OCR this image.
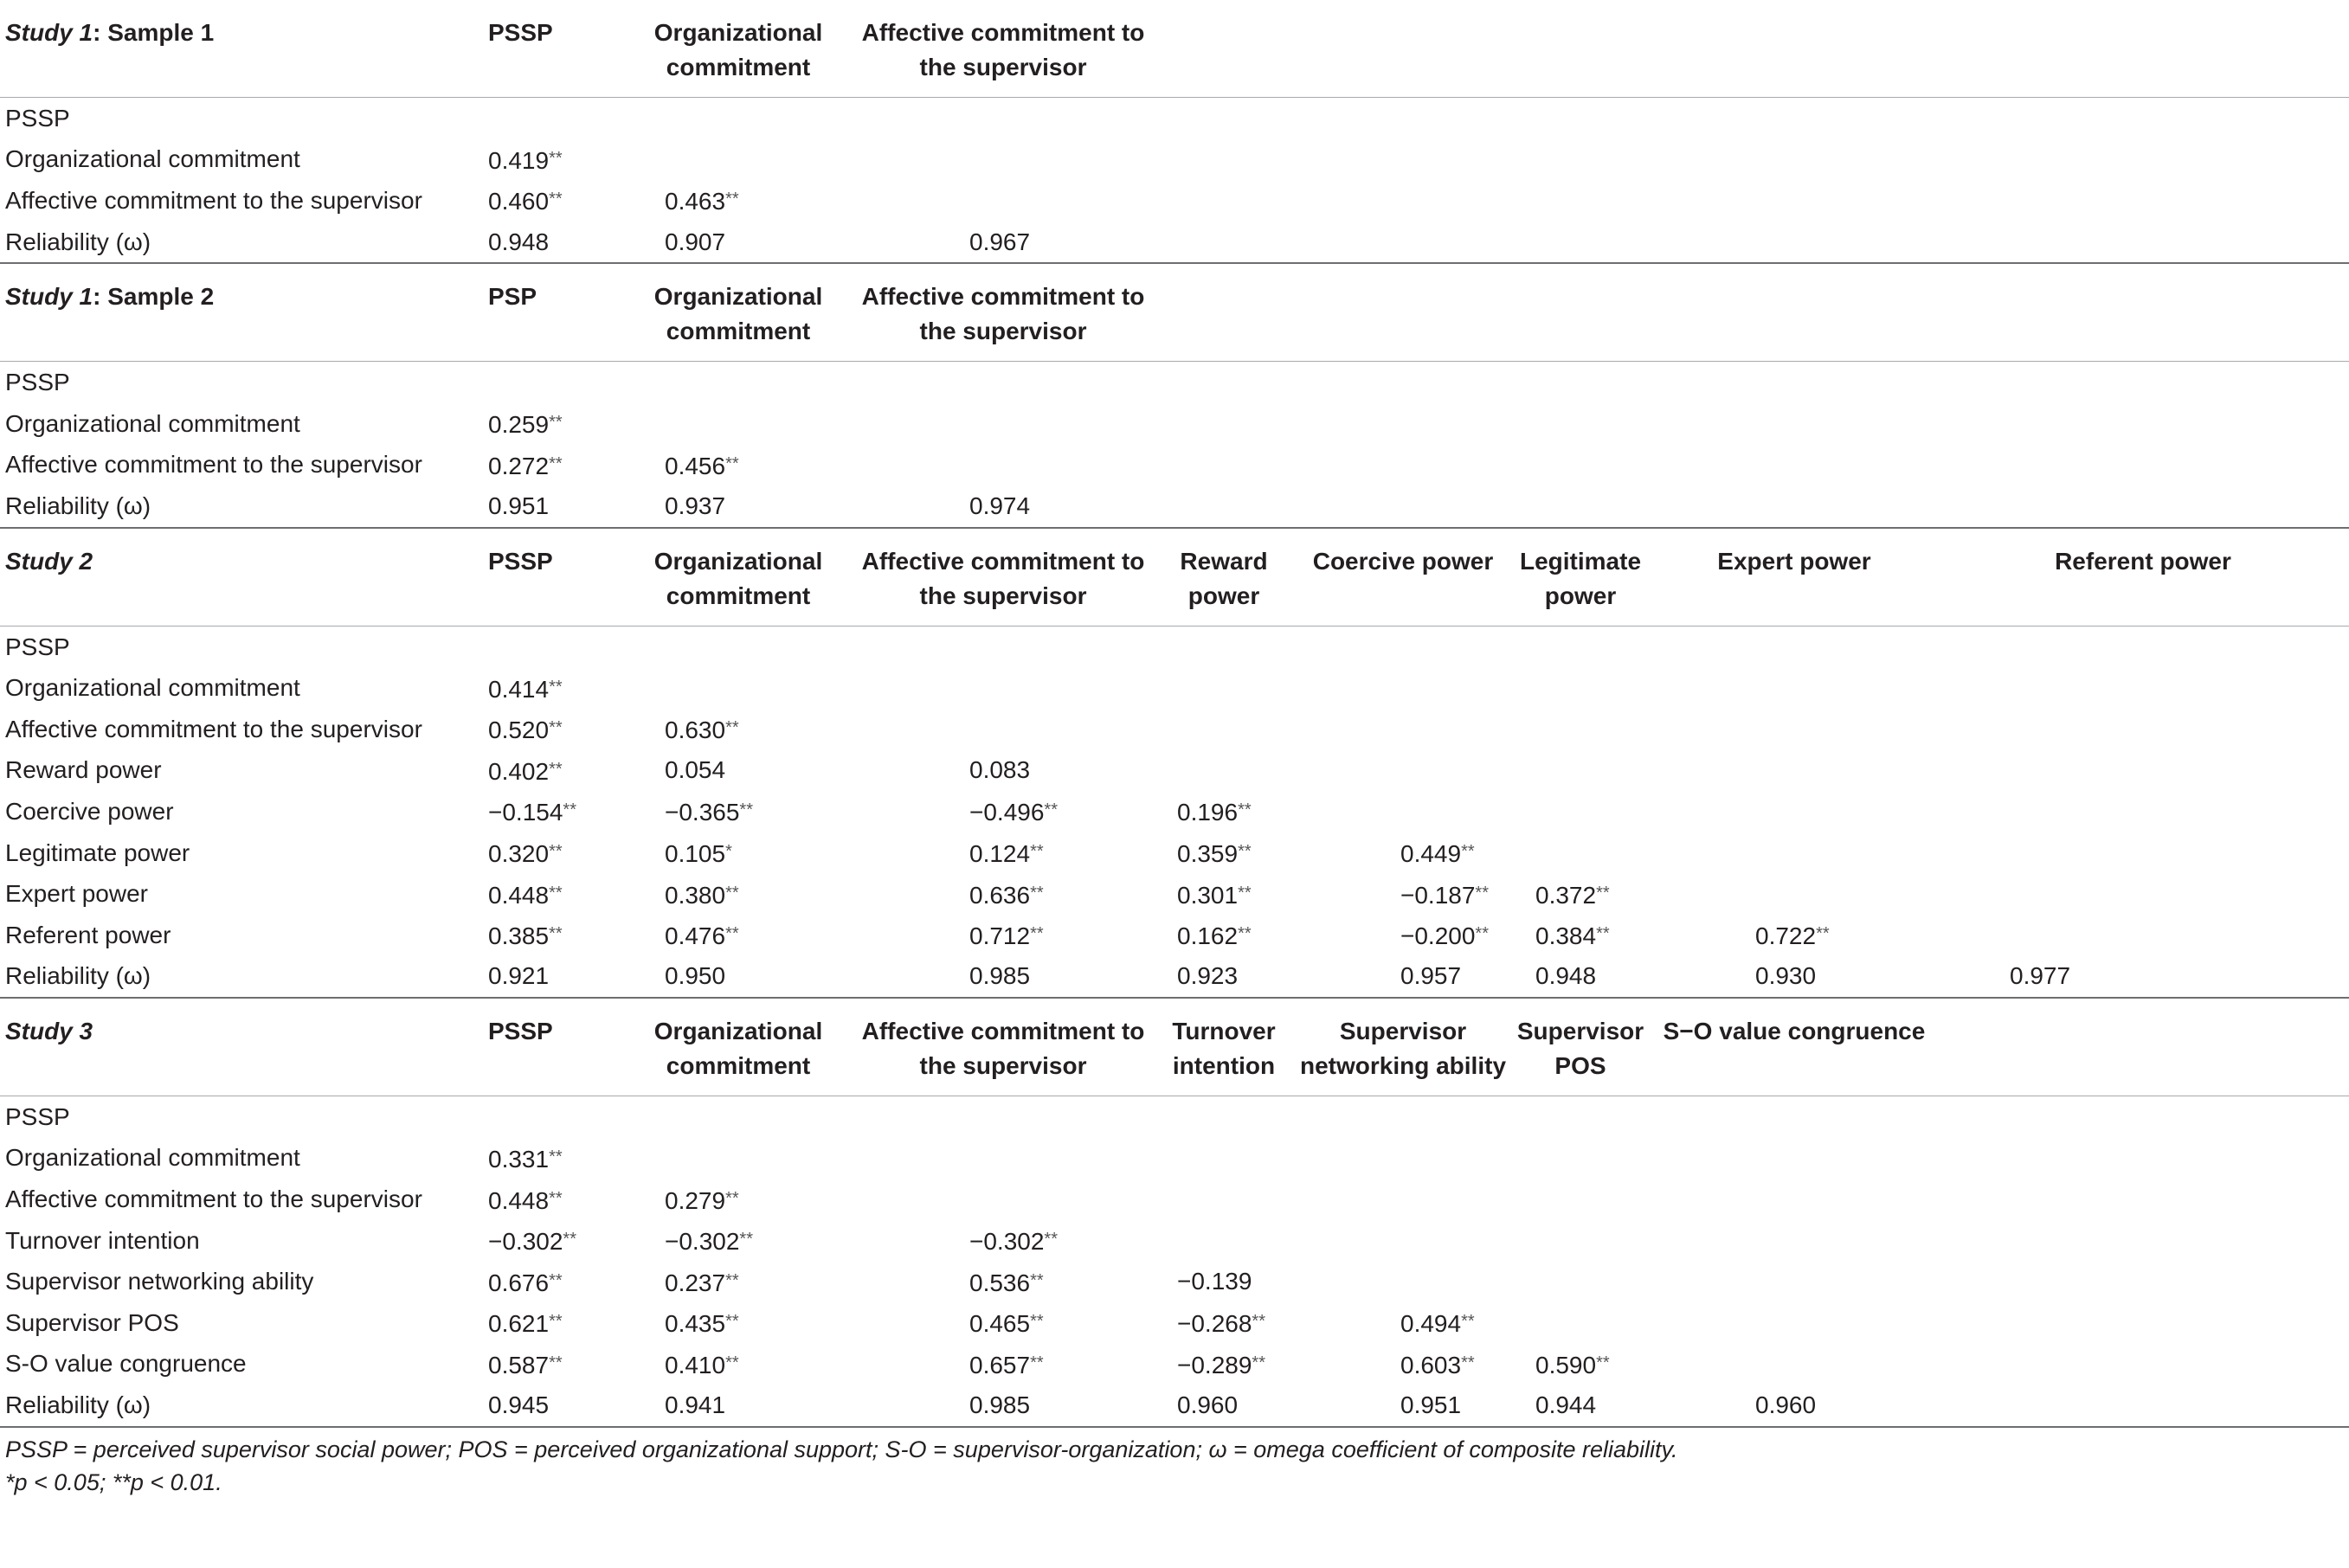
Study 1: Sample 1	PSSP	Organizational commitment	Affective commitment to the supervisor					
PSSP								
Organizational commitment	0.419**							
Affective commitment to the supervisor	0.460**	0.463**						
Reliability (ω)	0.948	0.907	0.967					
Study 1: Sample 2	PSP	Organizational commitment	Affective commitment to the supervisor					
PSSP								
Organizational commitment	0.259**							
Affective commitment to the supervisor	0.272**	0.456**						
Reliability (ω)	0.951	0.937	0.974					
Study 2	PSSP	Organizational commitment	Affective commitment to the supervisor	Reward power	Coercive power	Legitimate power	Expert power	Referent power
PSSP								
Organizational commitment	0.414**							
Affective commitment to the supervisor	0.520**	0.630**						
Reward power	0.402**	0.054	0.083					
Coercive power	−0.154**	−0.365**	−0.496**	0.196**				
Legitimate power	0.320**	0.105*	0.124**	0.359**	0.449**			
Expert power	0.448**	0.380**	0.636**	0.301**	−0.187**	0.372**		
Referent power	0.385**	0.476**	0.712**	0.162**	−0.200**	0.384**	0.722**	
Reliability (ω)	0.921	0.950	0.985	0.923	0.957	0.948	0.930	0.977
Study 3	PSSP	Organizational commitment	Affective commitment to the supervisor	Turnover intention	Supervisor networking ability	Supervisor POS	S−O value congruence	
PSSP								
Organizational commitment	0.331**							
Affective commitment to the supervisor	0.448**	0.279**						
Turnover intention	−0.302**	−0.302**	−0.302**					
Supervisor networking ability	0.676**	0.237**	0.536**	−0.139				
Supervisor POS	0.621**	0.435**	0.465**	−0.268**	0.494**			
S-O value congruence	0.587**	0.410**	0.657**	−0.289**	0.603**	0.590**		
Reliability (ω)	0.945	0.941	0.985	0.960	0.951	0.944	0.960	
PSSP = perceived supervisor social power; POS = perceived organizational support; S-O = supervisor-organization; ω = omega coefficient of composite reliability.
*p < 0.05; **p < 0.01.
